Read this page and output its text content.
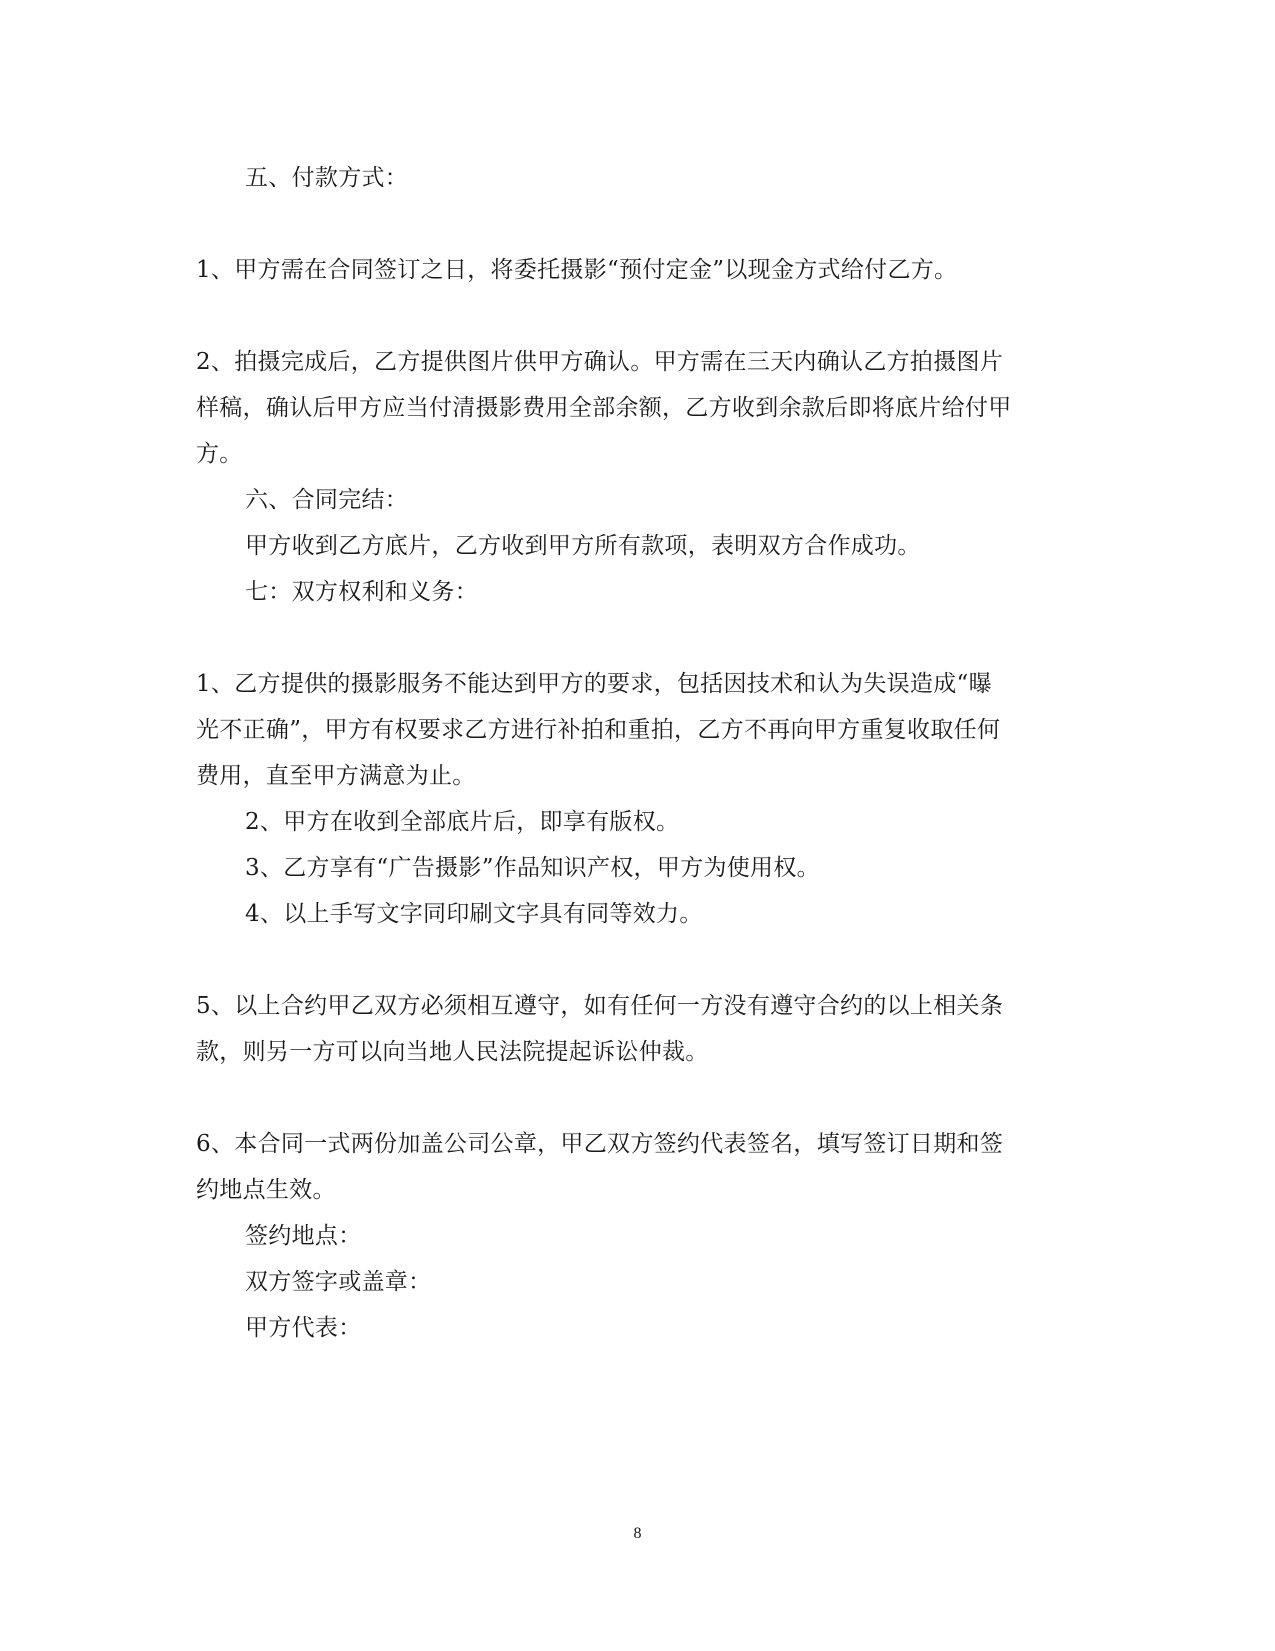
五、付款方式：
1、甲方需在合同签订之日，将委托摄影“预付定金”以现金方式给付乙方。
2、拍摄完成后，乙方提供图片供甲方确认。甲方需在三天内确认乙方拍摄图片
样稿，确认后甲方应当付清摄影费用全部余额，乙方收到余款后即将底片给付甲
方。
六、合同完结：
甲方收到乙方底片，乙方收到甲方所有款项，表明双方合作成功。
七：双方权利和义务：
1、乙方提供的摄影服务不能达到甲方的要求，包括因技术和认为失误造成“曝
光不正确”，甲方有权要求乙方进行补拍和重拍，乙方不再向甲方重复收取任何
费用，直至甲方满意为止。
2、甲方在收到全部底片后，即享有版权。
3、乙方享有“广告摄影”作品知识产权，甲方为使用权。
4、以上手写文字同印刷文字具有同等效力。
5、以上合约甲乙双方必须相互遵守，如有任何一方没有遵守合约的以上相关条
款，则另一方可以向当地人民法院提起诉讼仲裁。
6、本合同一式两份加盖公司公章，甲乙双方签约代表签名，填写签订日期和签
约地点生效。
签约地点：
双方签字或盖章：
甲方代表：
8
